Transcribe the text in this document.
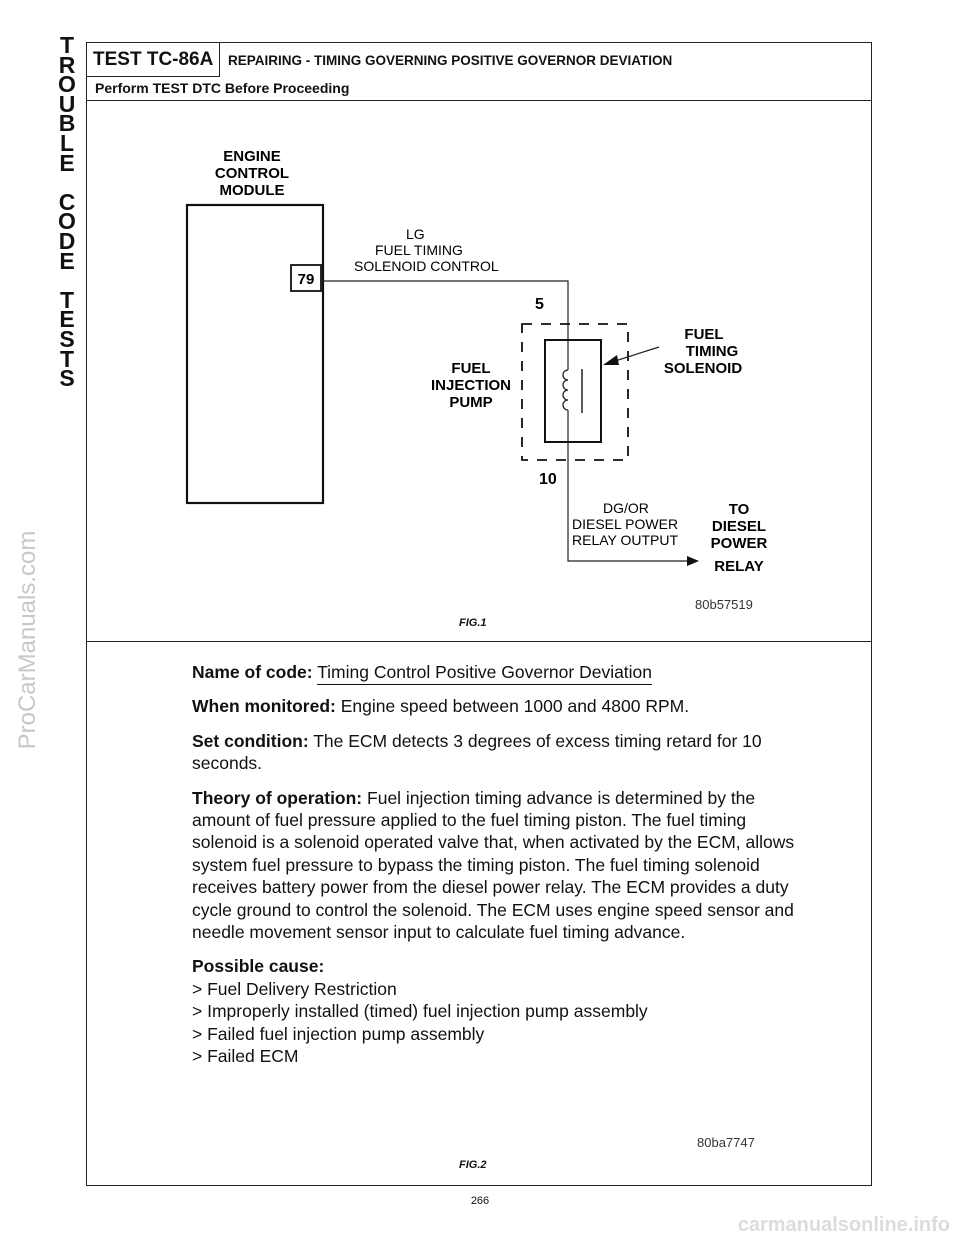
T
R
O
U
B
L
E
C
O
D
E
T
E
S
T
S
ProCarManuals.com
TEST TC-86A	REPAIRING - TIMING GOVERNING POSITIVE GOVERNOR DEVIATION
Perform TEST DTC Before Proceeding
ENGINE
CONTROL
MODULE
79
LG
FUEL TIMING
SOLENOID CONTROL
5
FUEL
INJECTION
PUMP
FUEL
TIMING
SOLENOID
10
DG/OR
DIESEL POWER
RELAY OUTPUT
TO
DIESEL
POWER
RELAY
80b57519
FIG.1

Name of code: Timing Control Positive Governor Deviation

When monitored: Engine speed between 1000 and 4800 RPM.

Set condition: The ECM detects 3 degrees of excess timing retard for 10 seconds.

Theory of operation: Fuel injection timing advance is determined by the amount of fuel pressure applied to the fuel timing piston. The fuel timing solenoid is a solenoid operated valve that, when activated by the ECM, allows system fuel pressure to bypass the timing piston. The fuel timing solenoid receives battery power from the diesel power relay. The ECM provides a duty cycle ground to control the solenoid. The ECM uses engine speed sensor and needle movement sensor input to calculate fuel timing advance.

Possible cause:

> Fuel Delivery Restriction
> Improperly installed (timed) fuel injection pump assembly
> Failed fuel injection pump assembly
> Failed ECM
80ba7747
FIG.2
266
carmanualsonline.info
